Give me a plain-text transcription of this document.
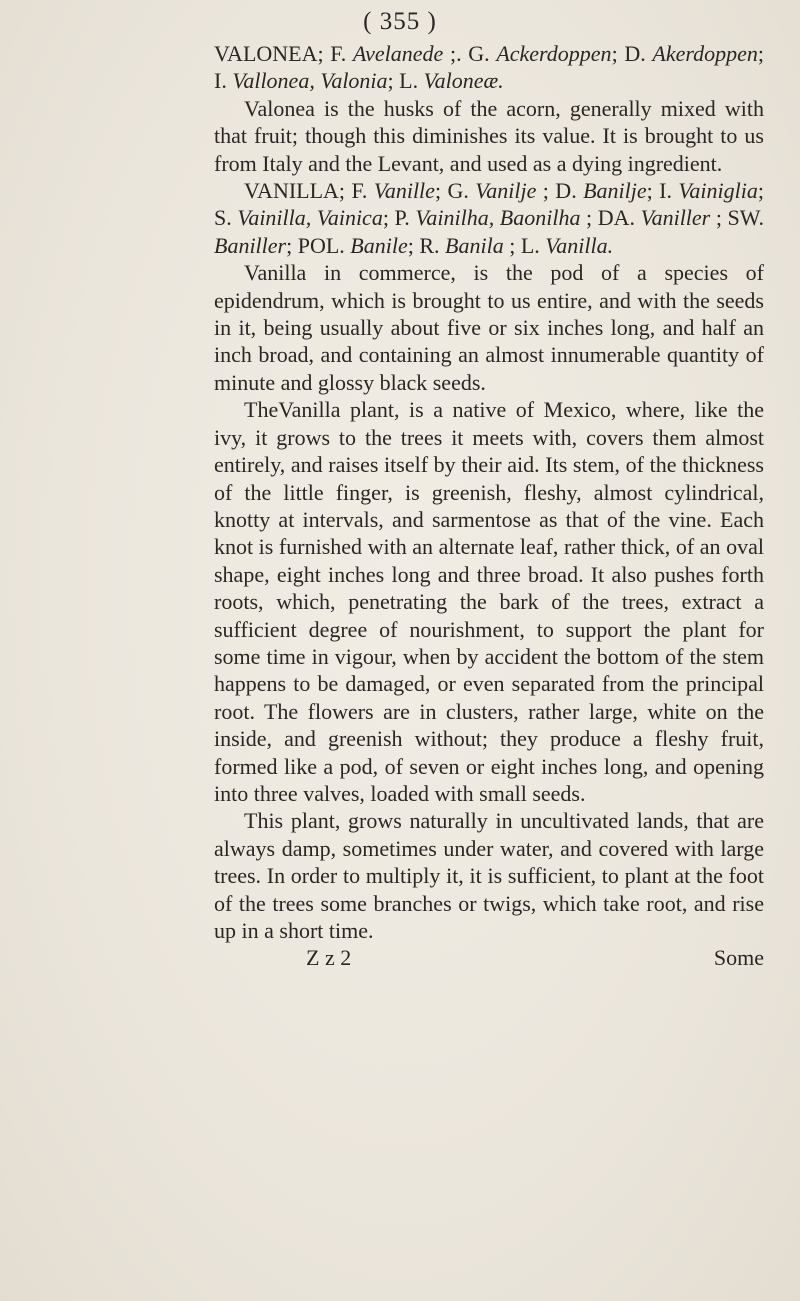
( 355 )

VALONEA; F. Avelanede ;. G. Ackerdoppen; D. Akerdoppen; I. Vallonea, Valonia; L. Valoneæ.

Valonea is the husks of the acorn, generally mixed with that fruit; though this diminishes its value. It is brought to us from Italy and the Levant, and used as a dying ingredient.

VANILLA; F. Vanille; G. Vanilje ; D. Banilje; I. Vainiglia; S. Vainilla, Vainica; P. Vainilha, Baonilha ; DA. Vaniller ; SW. Baniller; POL. Banile; R. Banila ; L. Vanilla.

Vanilla in commerce, is the pod of a species of epidendrum, which is brought to us entire, and with the seeds in it, being usually about five or six inches long, and half an inch broad, and containing an almost innumerable quantity of minute and glossy black seeds.

TheVanilla plant, is a native of Mexico, where, like the ivy, it grows to the trees it meets with, covers them almost entirely, and raises itself by their aid. Its stem, of the thickness of the little finger, is greenish, fleshy, almost cylindrical, knotty at intervals, and sarmentose as that of the vine. Each knot is furnished with an alternate leaf, rather thick, of an oval shape, eight inches long and three broad. It also pushes forth roots, which, penetrating the bark of the trees, extract a sufficient degree of nourishment, to support the plant for some time in vigour, when by accident the bottom of the stem happens to be damaged, or even separated from the principal root. The flowers are in clusters, rather large, white on the inside, and greenish without; they produce a fleshy fruit, formed like a pod, of seven or eight inches long, and opening into three valves, loaded with small seeds.

This plant, grows naturally in uncultivated lands, that are always damp, sometimes under water, and covered with large trees. In order to multiply it, it is sufficient, to plant at the foot of the trees some branches or twigs, which take root, and rise up in a short time.

Z z 2	Some
